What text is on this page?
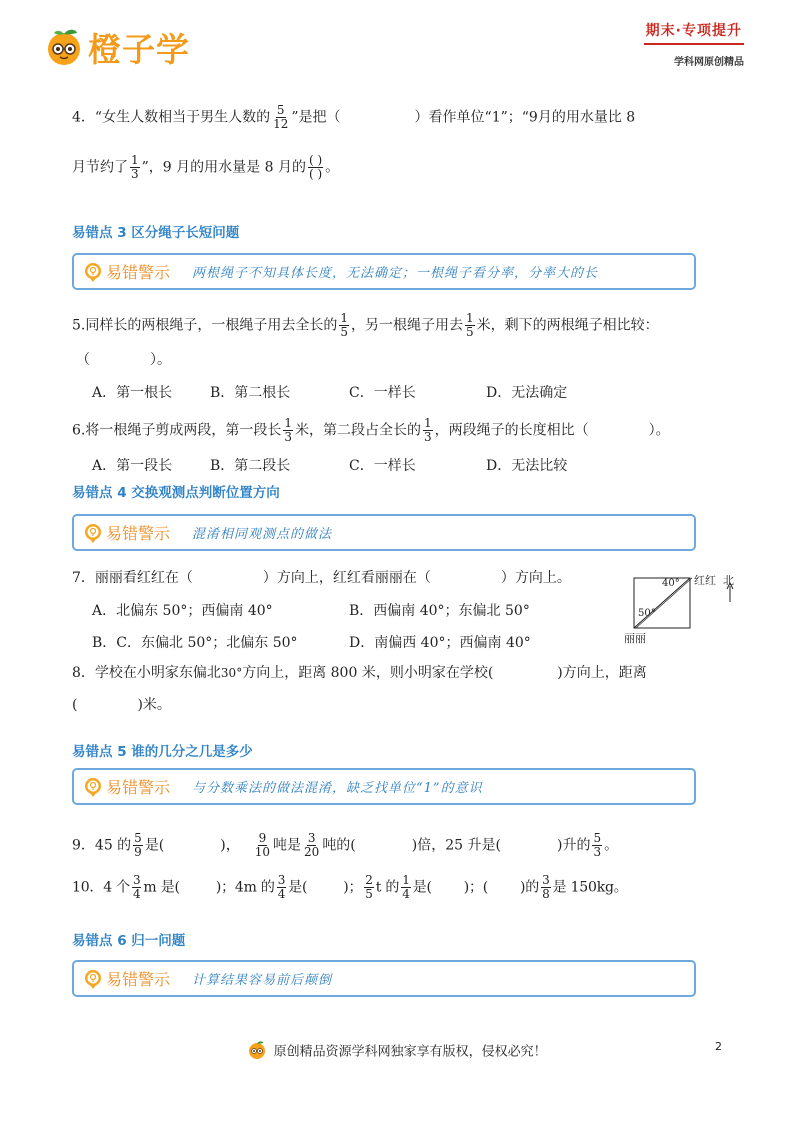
橙子学	期末·专项提升
学科网原创精品
4．“女生人数相当于男生人数的 $\frac{5}{12}$ ”是把（	）看作单位“1”；“9月的用水量比 8
月节约了 $\frac{1}{3}$ ”，9 月的用水量是 8 月的 $\frac{( )}{( )}$ 。
易错点 3 区分绳子长短问题
易错警示 两根绳子不知具体长度，无法确定；一根绳子看分率，分率大的长
5.同样长的两根绳子，一根绳子用去全长的 $\frac{1}{5}$ ，另一根绳子用去 $\frac{1}{5}$ 米，剩下的两根绳子相比较：
（	）。
A．第一根长	B．第二根长	C．一样长	D．无法确定
6.将一根绳子剪成两段，第一段长 $\frac{1}{3}$ 米，第二段占全长的 $\frac{1}{3}$ ，两段绳子的长度相比（	）。
A．第一段长	B．第二段长	C．一样长	D．无法比较
易错点 4 交换观测点判断位置方向
易错警示 混淆相同观测点的做法
7．丽丽看红红在（	）方向上，红红看丽丽在（	）方向上。
A．北偏东 50°；西偏南 40°	B．西偏南 40°；东偏北 50°
B．C．东偏北 50°；北偏东 50°	D．南偏西 40°；西偏南 40°
40°
50°
红红 北
丽丽
8．学校在小明家东偏北30°方向上，距离 800 米，则小明家在学校(	)方向上，距离
(	)米。
易错点 5 谁的几分之几是多少
易错警示 与分数乘法的做法混淆，缺乏找单位“1”的意识
9．45 的 $\frac{5}{9}$ 是(	)， $\frac{9}{10}$ 吨是 $\frac{3}{20}$ 吨的(	)倍，25 升是(	)升的 $\frac{5}{3}$ 。
10．4 个 $\frac{3}{4}$ m 是(	)；4m 的 $\frac{3}{4}$ 是(	)； $\frac{2}{5}$ t 的 $\frac{1}{4}$ 是( )；( )的 $\frac{3}{8}$ 是 150kg。
易错点 6 归一问题
易错警示 计算结果容易前后颠倒
原创精品资源学科网独家享有版权，侵权必究！	2
